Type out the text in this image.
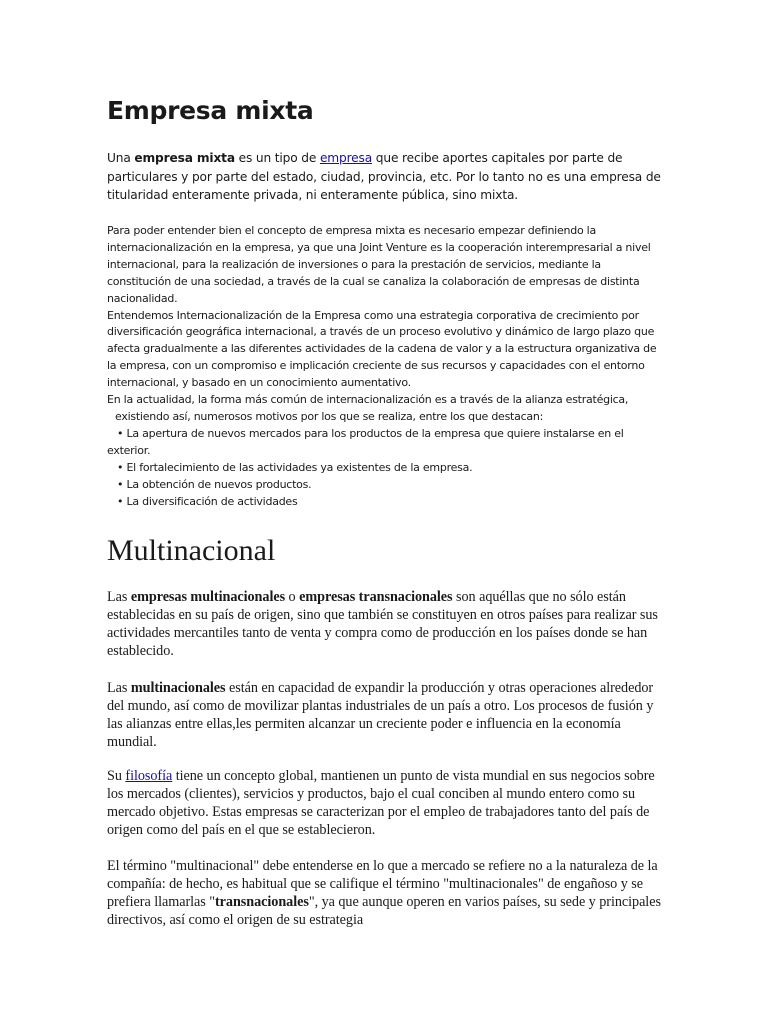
Empresa mixta

Una empresa mixta es un tipo de empresa que recibe aportes capitales por parte de particulares y por parte del estado, ciudad, provincia, etc. Por lo tanto no es una empresa de titularidad enteramente privada, ni enteramente pública, sino mixta.

Para poder entender bien el concepto de empresa mixta es necesario empezar definiendo la internacionalización en la empresa, ya que una Joint Venture es la cooperación interempresarial a nivel internacional, para la realización de inversiones o para la prestación de servicios, mediante la constitución de una sociedad, a través de la cual se canaliza la colaboración de empresas de distinta nacionalidad.

Entendemos Internacionalización de la Empresa como una estrategia corporativa de crecimiento por diversificación geográfica internacional, a través de un proceso evolutivo y dinámico de largo plazo que afecta gradualmente a las diferentes actividades de la cadena de valor y a la estructura organizativa de la empresa, con un compromiso e implicación creciente de sus recursos y capacidades con el entorno internacional, y basado en un conocimiento aumentativo.

En la actualidad, la forma más común de internacionalización es a través de la alianza estratégica,

existiendo así, numerosos motivos por los que se realiza, entre los que destacan:

• La apertura de nuevos mercados para los productos de la empresa que quiere instalarse en el

exterior.

• El fortalecimiento de las actividades ya existentes de la empresa.

• La obtención de nuevos productos.

• La diversificación de actividades

Multinacional

Las empresas multinacionales o empresas transnacionales son aquéllas que no sólo están establecidas en su país de origen, sino que también se constituyen en otros países para realizar sus actividades mercantiles tanto de venta y compra como de producción en los países donde se han establecido.

Las multinacionales están en capacidad de expandir la producción y otras operaciones alrededor del mundo, así como de movilizar plantas industriales de un país a otro. Los procesos de fusión y las alianzas entre ellas,les permiten alcanzar un creciente poder e influencia en la economía mundial.

Su filosofía tiene un concepto global, mantienen un punto de vista mundial en sus negocios sobre los mercados (clientes), servicios y productos, bajo el cual conciben al mundo entero como su mercado objetivo. Estas empresas se caracterizan por el empleo de trabajadores tanto del país de origen como del país en el que se establecieron.

El término "multinacional" debe entenderse en lo que a mercado se refiere no a la naturaleza de la compañía: de hecho, es habitual que se califique el término "multinacionales" de engañoso y se prefiera llamarlas "transnacionales", ya que aunque operen en varios países, su sede y principales directivos, así como el origen de su estrategia
